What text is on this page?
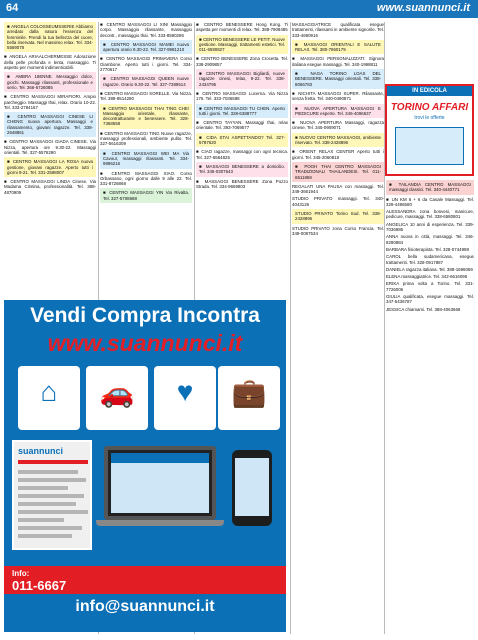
64	www.suannunci.it

■ ANGELA COLOSSEUMSSERIE Abbiamo arredato dalla natura l'essenza del femminile. Prendi la tua bellezza del cuore, bella riservata. Nel massimo relax. Tel. 334-5569078

■ ANGELA ARIAALCHERMESSE Adorazione della pelle profonda e lenta, massaggio. Ti aspetto per momenti indimenticabili.

■ AMBRA 18ENNE. Messaggio dolce, giochi. Massaggi rilassanti, professionale e serio. Tel. 366-6726085

■ CENTRO MASSAGGI MIRAFIORI. Ampio parcheggio. Massaggi thai, relax. Orario 10-22. Tel. 333-2784167

■ CENTRO MASSAGGI CINESE LI CHENG nuova apertura. Massaggi e rilassamento, giovani ragazze. Tel. 338-2648861

■ CENTRO MASSAGGI GIADA CINESE. Via Nizza, apertura ore 9.30-22. Massaggi orientali. Tel. 327-5576290

■ CENTRO MASSAGGI LA ROSA nuova gestione, giovani ragazze. Aperto tutti i giorni 9-21. Tel. 331-2598007

■ CENTRO MASSAGGI LINDA Cinese. Via Madama Cristina, professionalità. Tel. 388-4870909

■ CENTRO MASSAGGI LI XIN! Massaggio corpo. Massaggio rilassante, massaggio decontr., massaggio thai. Tel. 333-8590286

■ CENTRO MASSAGGI MAMEI nuova apertura orario 9.30-22. Tel. 327-9981210

■ CENTRO MASSAGGI PRIMAVERA Corso Giambone. Aperto tutti i giorni. Tel. 334-2770617

■ CENTRO MASSAGGI QUEEN nuove ragazze. Orario 9.30-22. Tel. 327-7389514

■ CENTRO MASSAGGI SORELLE. Via Nizza. Tel. 389-8514280

■ CENTRO MASSAGGI THAI TING CHE! Massaggio orientale, rilassante, decontratturante e benessere. Tel. 328-7368558

■ CENTRO MASSAGGI TING Nuove ragazze, massaggi professionali, ambiente pulito. Tel. 327-5616309

■ CENTRO MASSAGGI WEI MA Via Cavour, massaggi rilassanti. Tel. 334-9896216

■ CENTRO MASSAGGI XIAO. Corso Orbassano, ogni giorno dalle 9 alle 22. Tel. 331-8726868

■ CENTRO MASSAGGI YIN Via Rivalta. Tel. 327-5708688

■ CENTRO BENESSERE Hong Kong. Ti aspetta per momenti di relax. Tel. 388-7908485

■ CENTRO BENESSERE LE PETIT. Nuove gestione. Massaggi, trattamenti estetici. Tel. 011-6590827

■ CENTRO BENESSERE Zona Crocetta. Tel. 338-2909857

■ CENTRO MASSAGGI Bigliardi, nuove ragazze cinesi, relax, 9-22. Tel. 338-2434795

■ CENTRO MASSAGGI Lucerna. Via Nizza 176. Tel. 333-7036588

■ CENTRO MASSAGGI TU CHEN. Aperto tutti i giorni. Tel. 328-6388777

■ CENTRO TAYYAN. Massaggi thai, relax orientale. Tel. 393-7069577

■ CIDA STAI ASPETTANDO? Tel. 327-5787620

■ CIAO ragazze, massaggi con ogni tecnica. Tel. 327-6564825

■ MASSAGGI BENESSERE a domicilio. Tel. 345-0307643

■ MASSAGGI BENESSERE Zona Pozzo Strada. Tel. 334-9669803

MASSAGGIATRICE qualificata esegue trattamenti, rilassanti in ambiente signorile. Tel. 333-4690916

■ MASSAGGI ORIENTALI E SALUTE RELAX. Tel. 380-7860179

■ MASSAGGI PERSONALIZZATI: Signora italiana esegue massaggi. Tel. 340-1998811

■ NAGA TORINO LOAS DEL BENESSERE. Massaggi orientali. Tel. 338-8066783

■ NICHITA MASSAGGI SUPER. Rilassante, senza fretta. Tel. 340-0490871

■ NUOVA APERTURA MASSAGGI E PIEDICURE esperte. Tel. 346-4096637

■ NUOVA APERTURA Massaggi, ragazza cinese. Tel. 345-0909071

■ NUOVO CENTRO MASSAGGI, ambiente riservato. Tel. 338-2428896

■ ORIENT RELAX CENTER Aperto tutti i giorni. Tel. 345-2060818

■ POOH THAI CENTRO MASSAGGI TRADIZIONALI THAILANDESI. Tel. 011-6511869

REGALATI UNA PAUSA con massaggi. Tel. 349-3661944

STUDIO PRIVATO massaggi. Tel. 340-4043126

STUDIO PRIVATO Torino Sud. Tel. 338-2428896

STUDIO PRIVATO zona Corso Francia. Tel. 349-0087534

■ TAILANDIA CENTRO MASSAGGI massaggi classici. Tel. 340-4440771

■ UN KM 6 + 6 da Casale Massaggi. Tel. 329-4496580

ALESSANDRA zona bonvesi, manicure, pedicure, massaggi. Tel. 338-6580801

ANGELICA 10 anni di esperienza. Tel. 339-7036986

ANNA nuova in città, massaggi. Tel. 346-8290884

BARBARA fisioterapista. Tel. 328-0744998

CAROL bella sudamericana, esegue trattamenti. Tel. 328-0917887

DANIELA ragazza italiana. Tel. 388-1696069

ELENA massaggiatrice. Tel. 342-6616096

ERIKA prima volta a Torino. Tel. 331-7726006

GIULIA qualificata, esegue massaggi. Tel. 347-5436787

JESSICA chiamami. Tel. 388-4063668

IN EDICOLA
TORINO AFFARI
trovi le offerte
Vendi Compra Incontra
www.suannunci.it
⌂	🚗	♥	💼
suannunci
Info:
011-6667
info@suannunci.it
